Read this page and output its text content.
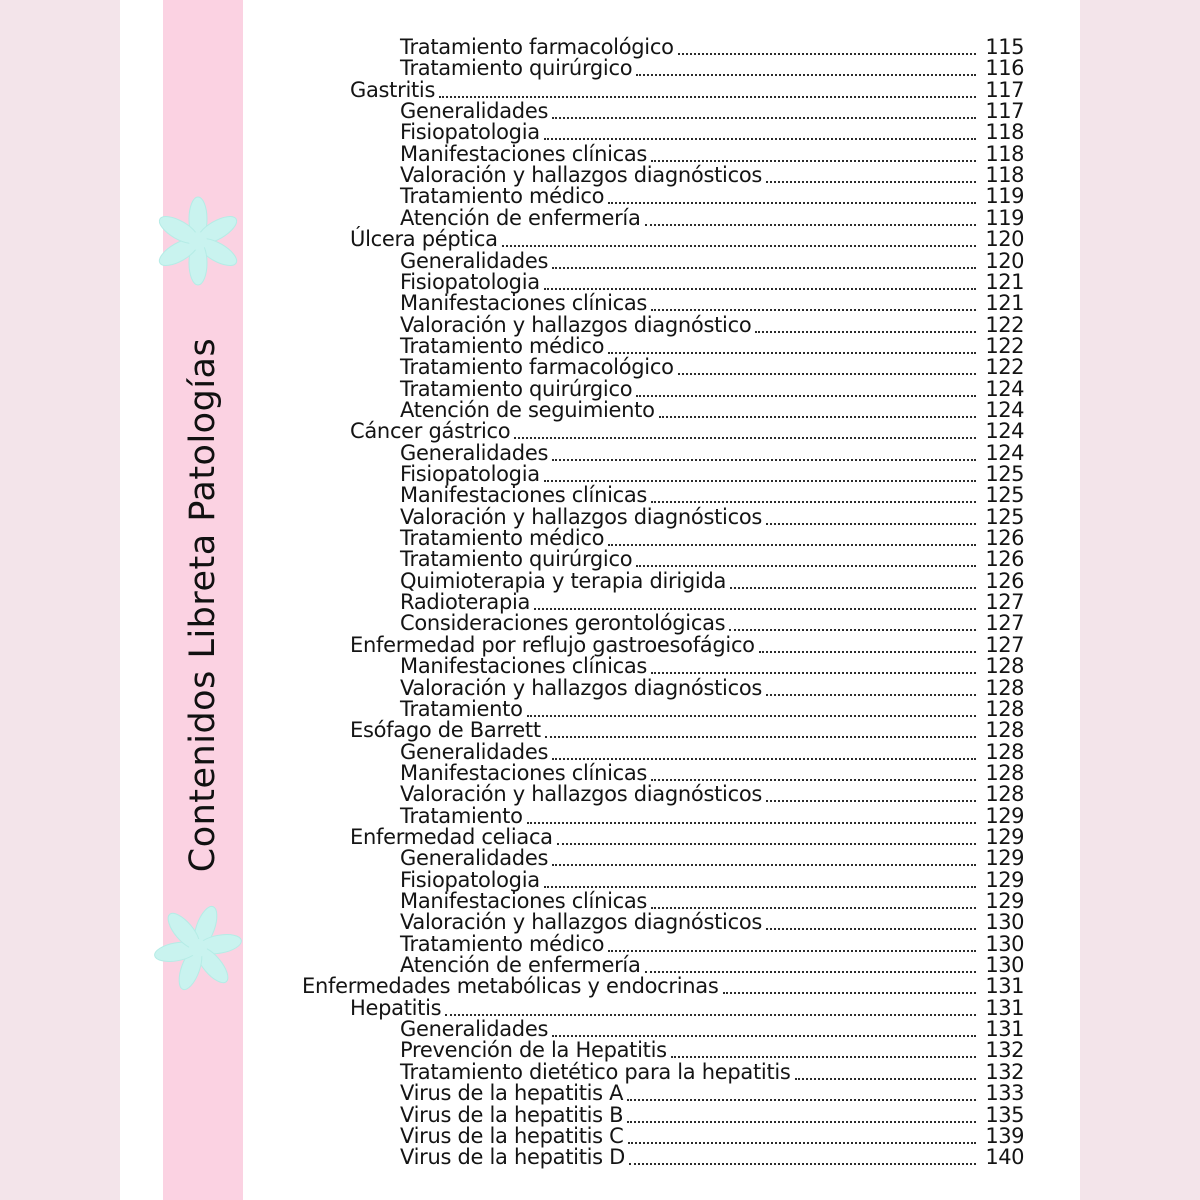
Contenidos Libreta Patologías
Tratamiento farmacológico	115
Tratamiento quirúrgico	116
Gastritis	117
Generalidades	117
Fisiopatologia	118
Manifestaciones clínicas	118
Valoración y hallazgos diagnósticos	118
Tratamiento médico	119
Atención de enfermería	119
Úlcera péptica	120
Generalidades	120
Fisiopatologia	121
Manifestaciones clínicas	121
Valoración y hallazgos diagnóstico	122
Tratamiento médico	122
Tratamiento farmacológico	122
Tratamiento quirúrgico	124
Atención de seguimiento	124
Cáncer gástrico	124
Generalidades	124
Fisiopatologia	125
Manifestaciones clínicas	125
Valoración y hallazgos diagnósticos	125
Tratamiento médico	126
Tratamiento quirúrgico	126
Quimioterapia y terapia dirigida	126
Radioterapia	127
Consideraciones gerontológicas	127
Enfermedad por reflujo gastroesofágico	127
Manifestaciones clínicas	128
Valoración y hallazgos diagnósticos	128
Tratamiento	128
Esófago de Barrett	128
Generalidades	128
Manifestaciones clínicas	128
Valoración y hallazgos diagnósticos	128
Tratamiento	129
Enfermedad celiaca	129
Generalidades	129
Fisiopatologia	129
Manifestaciones clínicas	129
Valoración y hallazgos diagnósticos	130
Tratamiento médico	130
Atención de enfermería	130
Enfermedades metabólicas y endocrinas	131
Hepatitis	131
Generalidades	131
Prevención de la Hepatitis	132
Tratamiento dietético para la hepatitis	132
Virus de la hepatitis A	133
Virus de la hepatitis B	135
Virus de la hepatitis C	139
Virus de la hepatitis D	140
